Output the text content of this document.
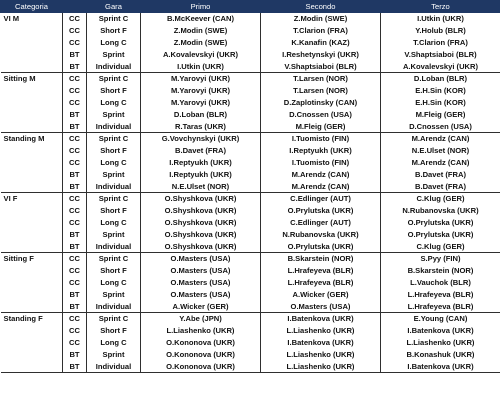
Categoria		Gara	Primo	Secondo	Terzo
VI M	CC	Sprint C	B.McKeever (CAN)	Z.Modin (SWE)	I.Utkin (UKR)
	CC	Short F	Z.Modin (SWE)	T.Clarion (FRA)	Y.Holub (BLR)
	CC	Long C	Z.Modin (SWE)	K.Kanafin (KAZ)	T.Clarion (FRA)
	BT	Sprint	A.Kovalevskyi (UKR)	I.Reshetynskyi (UKR)	V.Shaptsiaboi (BLR)
	BT	Individual	I.Utkin (UKR)	V.Shaptsiaboi (BLR)	A.Kovalevskyi (UKR)
Sitting M	CC	Sprint C	M.Yarovyi (UKR)	T.Larsen (NOR)	D.Loban (BLR)
	CC	Short F	M.Yarovyi (UKR)	T.Larsen (NOR)	E.H.Sin (KOR)
	CC	Long C	M.Yarovyi (UKR)	D.Zaplotinsky (CAN)	E.H.Sin (KOR)
	BT	Sprint	D.Loban (BLR)	D.Cnossen (USA)	M.Fleig (GER)
	BT	Individual	R.Taras (UKR)	M.Fleig (GER)	D.Cnossen (USA)
Standing M	CC	Sprint C	G.Vovchynskyi (UKR)	I.Tuomisto (FIN)	M.Arendz (CAN)
	CC	Short F	B.Davet (FRA)	I.Reptyukh (UKR)	N.E.Ulset (NOR)
	CC	Long C	I.Reptyukh (UKR)	I.Tuomisto (FIN)	M.Arendz (CAN)
	BT	Sprint	I.Reptyukh (UKR)	M.Arendz (CAN)	B.Davet (FRA)
	BT	Individual	N.E.Ulset (NOR)	M.Arendz (CAN)	B.Davet (FRA)
VI F	CC	Sprint C	O.Shyshkova (UKR)	C.Edlinger (AUT)	C.Klug (GER)
	CC	Short F	O.Shyshkova (UKR)	O.Prylutska (UKR)	N.Rubanovska (UKR)
	CC	Long C	O.Shyshkova (UKR)	C.Edlinger (AUT)	O.Prylutska (UKR)
	BT	Sprint	O.Shyshkova (UKR)	N.Rubanovska (UKR)	O.Prylutska (UKR)
	BT	Individual	O.Shyshkova (UKR)	O.Prylutska (UKR)	C.Klug (GER)
Sitting F	CC	Sprint C	O.Masters (USA)	B.Skarstein (NOR)	S.Pyy (FIN)
	CC	Short F	O.Masters (USA)	L.Hrafeyeva (BLR)	B.Skarstein (NOR)
	CC	Long C	O.Masters (USA)	L.Hrafeyeva (BLR)	L.Vauchok (BLR)
	BT	Sprint	O.Masters (USA)	A.Wicker (GER)	L.Hrafeyeva (BLR)
	BT	Individual	A.Wicker (GER)	O.Masters (USA)	L.Hrafeyeva (BLR)
Standing F	CC	Sprint C	Y.Abe (JPN)	I.Batenkova (UKR)	E.Young (CAN)
	CC	Short F	L.Liashenko (UKR)	L.Liashenko (UKR)	I.Batenkova (UKR)
	CC	Long C	O.Kononova (UKR)	I.Batenkova (UKR)	L.Liashenko (UKR)
	BT	Sprint	O.Kononova (UKR)	L.Liashenko (UKR)	B.Konashuk (UKR)
	BT	Individual	O.Kononova (UKR)	L.Liashenko (UKR)	I.Batenkova (UKR)
